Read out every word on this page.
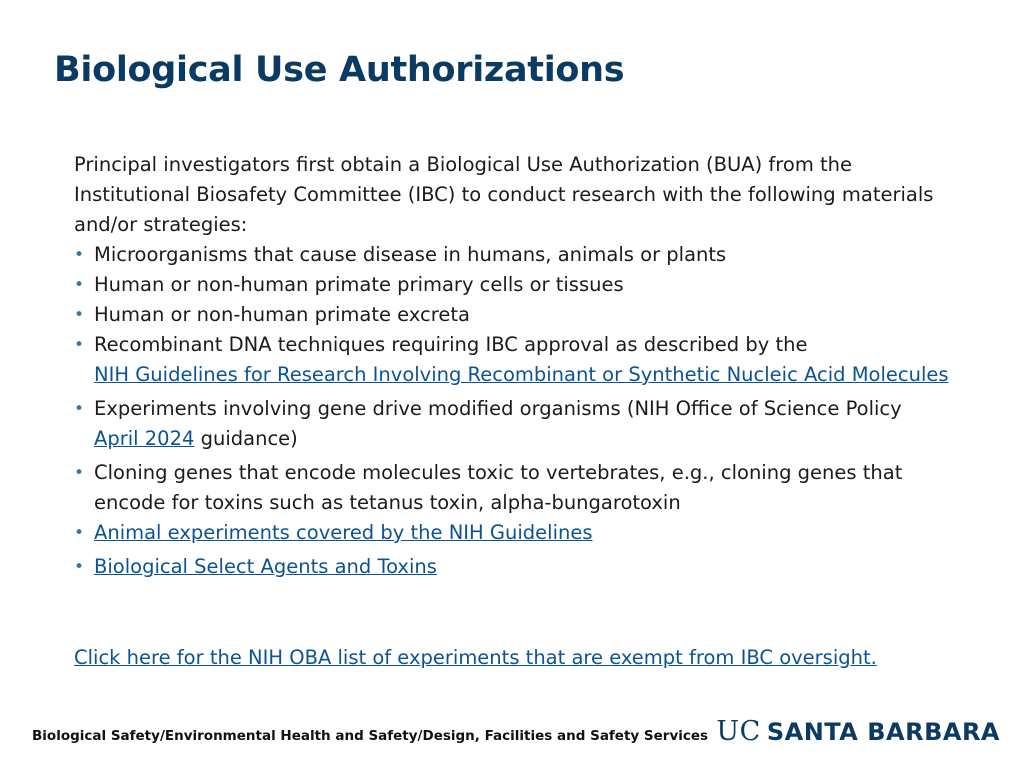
Biological Use Authorizations

Principal investigators first obtain a Biological Use Authorization (BUA) from the Institutional Biosafety Committee (IBC) to conduct research with the following materials and/or strategies:

• Microorganisms that cause disease in humans, animals or plants
• Human or non-human primate primary cells or tissues
• Human or non-human primate excreta
• Recombinant DNA techniques requiring IBC approval as described by the
NIH Guidelines for Research Involving Recombinant or Synthetic Nucleic Acid Molecules
• Experiments involving gene drive modified organisms (NIH Office of Science Policy
April 2024 guidance)
• Cloning genes that encode molecules toxic to vertebrates, e.g., cloning genes that encode for toxins such as tetanus toxin, alpha-bungarotoxin
• Animal experiments covered by the NIH Guidelines
• Biological Select Agents and Toxins
Click here for the NIH OBA list of experiments that are exempt from IBC oversight.
Biological Safety/Environmental Health and Safety/Design, Facilities and Safety Services UC SANTA BARBARA
